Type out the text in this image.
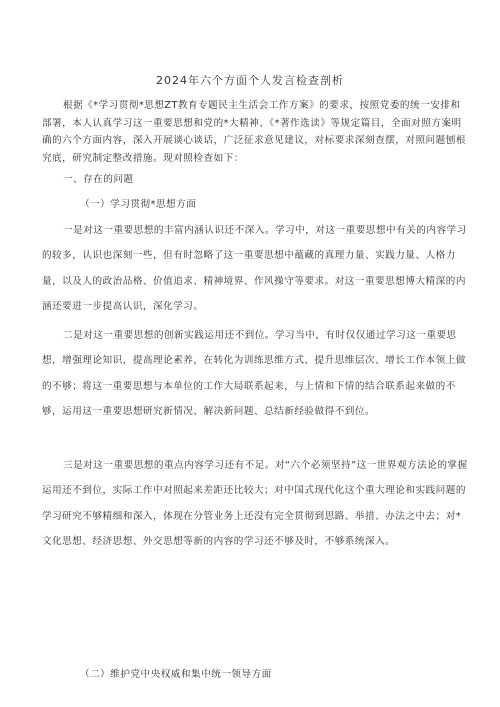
2024年六个方面个人发言检查剖析

根据《*学习贯彻*思想ZT教育专题民主生活会工作方案》的要求，按照党委的统一安排和部署，本人认真学习这一重要思想和党的*大精神、《*著作选读》等规定篇目，全面对照方案明确的六个方面内容，深入开展谈心谈话，广泛征求意见建议，对标要求深刻查摆，对照问题刨根究底，研究制定整改措施。现对照检查如下：

一、存在的问题
（一）学习贯彻*思想方面

一是对这一重要思想的丰富内涵认识还不深入。学习中，对这一重要思想中有关的内容学习的较多，认识也深刻一些，但有时忽略了这一重要思想中蕴藏的真理力量、实践力量、人格力量，以及人的政治品格、价值追求、精神境界、作风操守等要求。对这一重要思想博大精深的内涵还要进一步提高认识，深化学习。

二是对这一重要思想的创新实践运用还不到位。学习当中，有时仅仅通过学习这一重要思想，增强理论知识，提高理论素养，在转化为训练思维方式、提升思维层次、增长工作本领上做的不够；将这一重要思想与本单位的工作大局联系起来，与上情和下情的结合联系起来做的不够，运用这一重要思想研究新情况、解决新问题、总结新经验做得不到位。

三是对这一重要思想的重点内容学习还有不足。对“六个必须坚持”这一世界观方法论的掌握运用还不到位，实际工作中对照起来差距还比较大；对中国式现代化这个重大理论和实践问题的学习研究不够精细和深入，体现在分管业务上还没有完全贯彻到思路、举措、办法之中去；对*文化思想、经济思想、外交思想等新的内容的学习还不够及时，不够系统深入。

（二）维护党中央权威和集中统一领导方面
